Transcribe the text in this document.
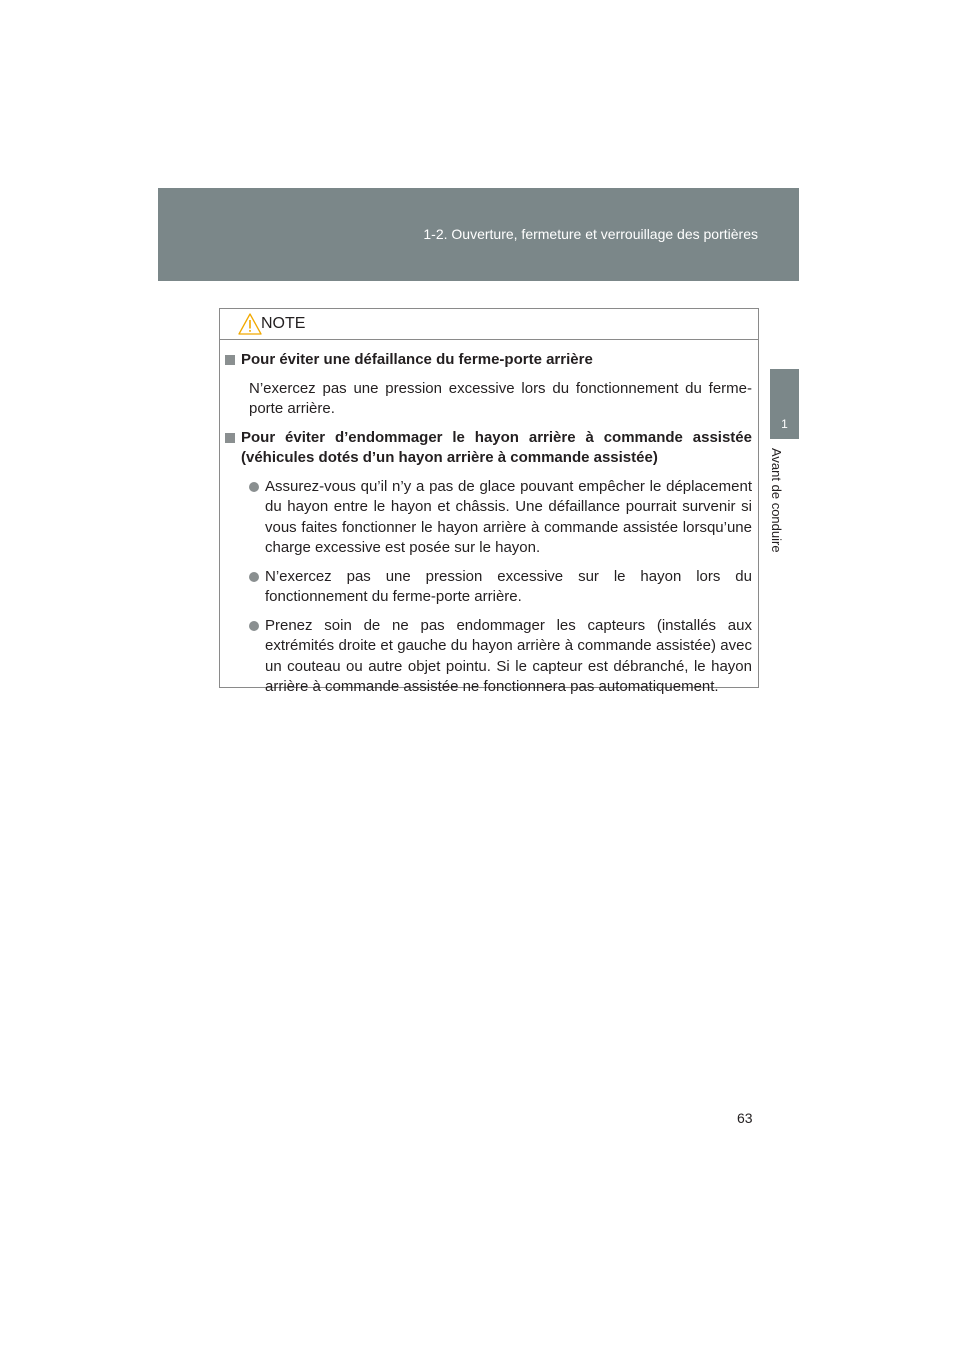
1-2. Ouverture, fermeture et verrouillage des portières
1
Avant de conduire
NOTE
Pour éviter une défaillance du ferme-porte arrière
N’exercez pas une pression excessive lors du fonctionnement du ferme-porte arrière.
Pour éviter d’endommager le hayon arrière à commande assistée (véhicules dotés d’un hayon arrière à commande assistée)
Assurez-vous qu’il n’y a pas de glace pouvant empêcher le déplacement du hayon entre le hayon et châssis. Une défaillance pourrait survenir si vous faites fonctionner le hayon arrière à commande assistée lorsqu’une charge excessive est posée sur le hayon.
N’exercez pas une pression excessive sur le hayon lors du fonctionnement du ferme-porte arrière.
Prenez soin de ne pas endommager les capteurs (installés aux extrémités droite et gauche du hayon arrière à commande assistée) avec un couteau ou autre objet pointu. Si le capteur est débranché, le hayon arrière à commande assistée ne fonctionnera pas automatiquement.
63
